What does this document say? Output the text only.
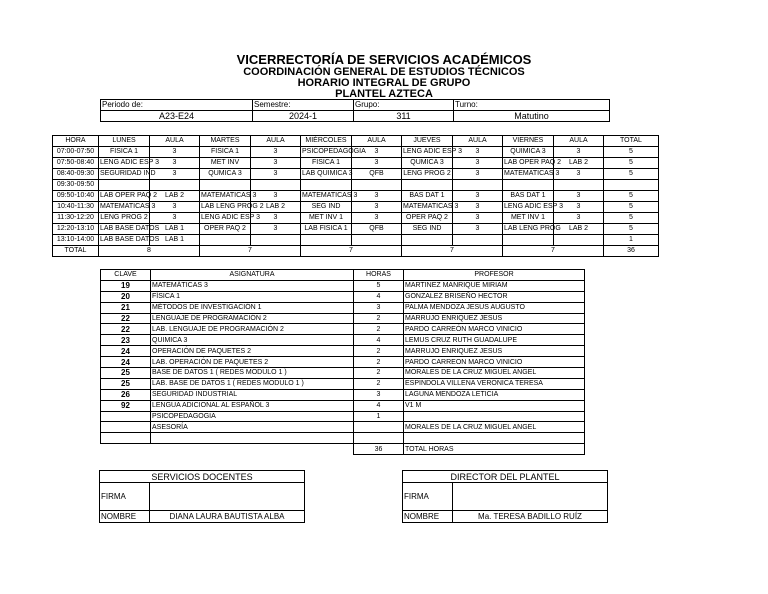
VICERRECTORÍA DE SERVICIOS ACADÉMICOS
COORDINACIÓN GENERAL DE ESTUDIOS TÉCNICOS
HORARIO INTEGRAL DE GRUPO
PLANTEL AZTECA
Periodo de:	Semestre:	Grupo:	Turno:
A23-E24	2024-1	311	Matutino
HORA	LUNES	AULA	MARTES	AULA	MIÉRCOLES	AULA	JUEVES	AULA	VIERNES	AULA	TOTAL
07:00-07:50	FISICA 1	3	FISICA 1	3	PSICOPEDAGOGIA	3	LENG ADIC ESP 3	3	QUIMICA 3	3	5
07:50-08:40	LENG ADIC ESP 3	3	MET INV	3	FISICA 1	3	QUMICA 3	3	LAB OPER PAQ 2	LAB 2	5
08:40-09:30	SEGURIDAD IND	3	QUMICA 3	3	LAB QUIMICA 3	QFB	LENG PROG 2	3	MATEMATICAS 3	3	5
09:30-09:50											
09:50-10:40	LAB OPER PAQ 2	LAB 2	MATEMATICAS 3	3	MATEMATICAS 3	3	BAS DAT 1	3	BAS DAT 1	3	5
10:40-11:30	MATEMATICAS 3	3	LAB LENG PROG 2	LAB 2	SEG IND	3	MATEMATICAS 3	3	LENG ADIC ESP 3	3	5
11:30-12:20	LENG PROG 2	3	LENG ADIC ESP 3	3	MET INV 1	3	OPER PAQ 2	3	MET INV 1	3	5
12:20-13:10	LAB BASE DATOS	LAB 1	OPER PAQ 2	3	LAB FISICA 1	QFB	SEG IND	3	LAB LENG PROG	LAB 2	5
13:10-14:00	LAB BASE DATOS	LAB 1									1
TOTAL	8		7		7		7		7		36
CLAVE	ASIGNATURA	HORAS	PROFESOR
19	MATEMÁTICAS 3	5	MARTINEZ MANRIQUE MIRIAM
20	FÍSICA 1	4	GONZALEZ BRISEÑO HECTOR
21	MÉTODOS DE INVESTIGACIÓN 1	3	PALMA MENDOZA JESUS AUGUSTO
22	LENGUAJE DE PROGRAMACIÓN 2	2	MARRUJO ENRIQUEZ JESUS
22	LAB. LENGUAJE DE PROGRAMACIÓN 2	2	PARDO CARREÓN MARCO VINICIO
23	QUIMICA 3	4	LEMUS CRUZ RUTH GUADALUPE
24	OPERACIÓN DE PAQUETES 2	2	MARRUJO ENRIQUEZ JESUS
24	LAB. OPERACIÓN DE PAQUETES 2	2	PARDO CARREON MARCO VINICIO
25	BASE DE DATOS 1 ( REDES MODULO 1 )	2	MORALES DE LA CRUZ MIGUEL ANGEL
25	LAB. BASE DE DATOS 1 ( REDES MODULO 1 )	2	ESPINDOLA VILLENA VERONICA TERESA
26	SEGURIDAD INDUSTRIAL	3	LAGUNA MENDOZA LETICIA
92	LENGUA ADICIONAL AL ESPAÑOL 3	4	V1 M
	PSICOPEDAGOGIA	1	
	ASESORÍA		MORALES DE LA CRUZ MIGUEL ANGEL

		36	TOTAL HORAS
SERVICIOS DOCENTES	
FIRMA	
NOMBRE	DIANA LAURA BAUTISTA ALBA
DIRECTOR DEL PLANTEL	
FIRMA	
NOMBRE	Ma. TERESA BADILLO RUÍZ
